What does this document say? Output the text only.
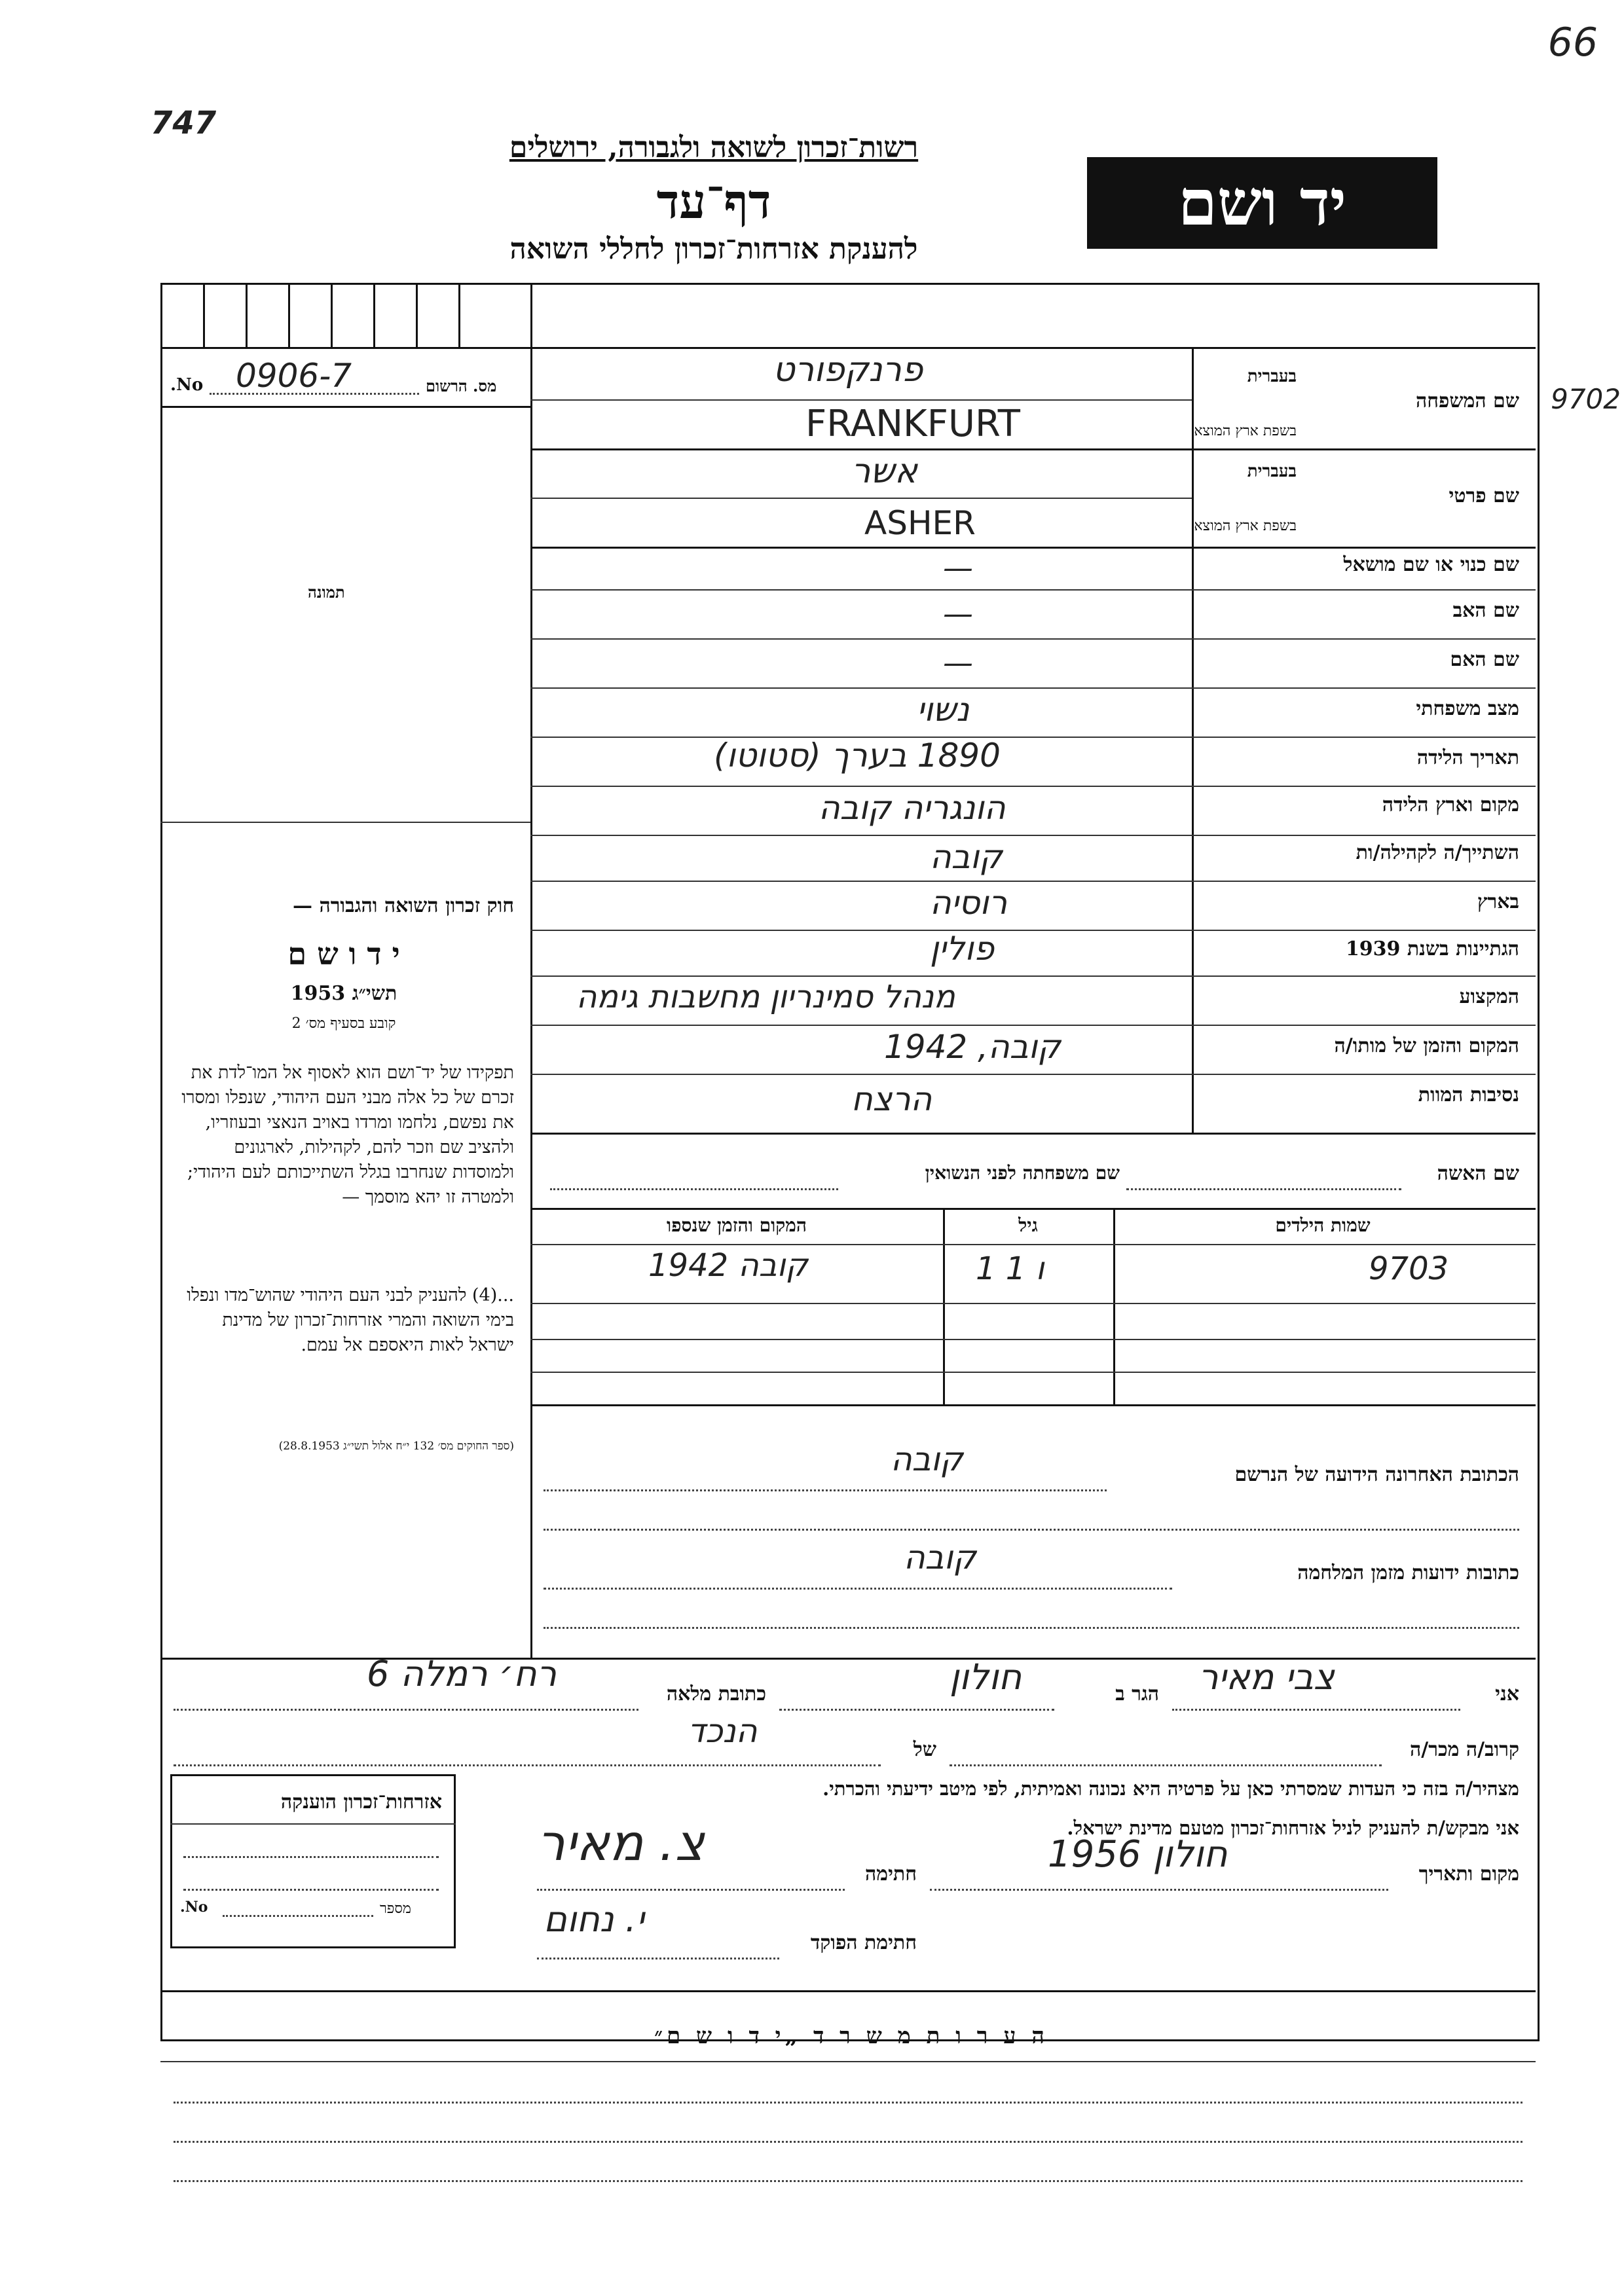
66
747
9702
רשות־זכרון לשואה ולגבורה, ירושלים
דף־עד
להענקת אזרחות־זכרון לחללי השואה
יד ושם
No. 0906-7	מס. הרשום
תמונה
חוק זכרון השואה והגבורה —
י ד ו ש ם
תשי״ג 1953
קובע בסעיף מס׳ 2
תפקידו של יד־ושם הוא לאסוף אל המו־לדת את זכרם של כל אלה מבני העם היהודי, שנפלו ומסרו את נפשם, נלחמו ומרדו באויב הנאצי ובעוזריו, ולהציב שם וזכר להם, לקהילות, לארגונים ולמוסדות שנחרבו בגלל השתייכותם לעם היהודי; ולמטרה זו יהא מוסמך —
...(4) להעניק לבני העם היהודי שהוש־מדו ונפלו בימי השואה והמרי אזרחות־זכרון של מדינת ישראל לאות היאספם אל עמם.
(ספר החוקים מס׳ 132 י״ח אלול תשי״ג 28.8.1953)
שם המשפחה
בעברית
בשפת ארץ המוצא
פרנקפורט
FRANKFURT
שם פרטי
בעברית
בשפת ארץ המוצא
אשר
ASHER
שם כנוי או שם מושאל
—
שם האב
—
שם האם
—
מצב משפחתי
נשוי
תאריך הלידה
(סטוטו) 1890 בערך
מקום וארץ הלידה
הונגריה קובה
השתייך/ה לקהילה/ות
קובה
בארץ
רוסיה
הגתיינות בשנת 1939
פולין
המקצוע
מנהל סמינריון מחשבות גימה
המקום והזמן של מותו/ה
קובה, 1942
נסיבות המוות
הרצח
שם האשה
שם משפחתה לפני הנשואין
שמות הילדים
גיל
המקום והזמן שנספו
9703
1 ו 1
קובה 1942
הכתובת האחרונה הידועה של הנרשם
קובה
כתובות ידועות מזמן המלחמה
קובה
אני
צבי מאיר
הגר ב
חולון
כתובת מלאה
רח׳ רמלה 6
קרוב/ה מכר/ה
של
הנכד
מצהיר/ה בזה כי העדות שמסרתי כאן על פרטיה היא נכונה ואמיתית, לפי מיטב ידיעתי והכרתי.
אני מבקש/ת להעניק לניל אזרחות־זכרון מטעם מדינת ישראל.
מקום ותאריך
חולון 1956
חתימה
צ. מאיר
חתימת הפוקד
י. נחום
אזרחות־זכרון הוענקה
No.	מספר
ה ע ר ו ת מ ש ר ד „י ד ו ש ם״
